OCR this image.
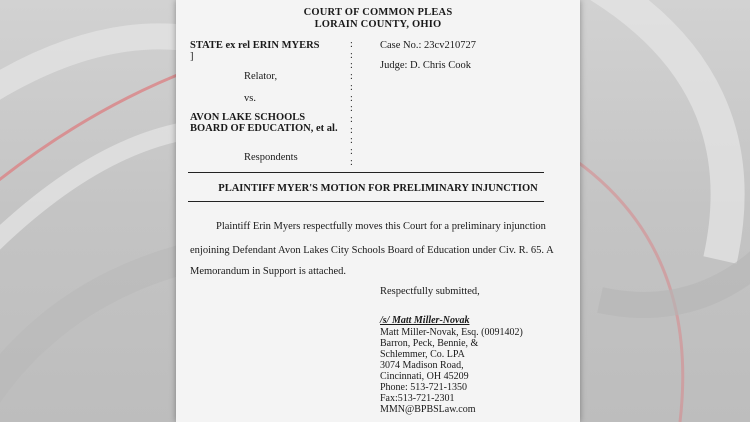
COURT OF COMMON PLEAS
LORAIN COUNTY, OHIO
STATE ex rel ERIN MYERS
]
Relator,
vs.
AVON LAKE SCHOOLS
BOARD OF EDUCATION, et al.
Respondents
:
:
:
:
:
:
:
:
:
:
:
:
Case No.: 23cv210727
Judge: D. Chris Cook
PLAINTIFF MYER'S MOTION FOR PRELIMINARY INJUNCTION
Plaintiff Erin Myers respectfully moves this Court for a preliminary injunction
enjoining Defendant Avon Lakes City Schools Board of Education under Civ. R. 65. A
Memorandum in Support is attached.
Respectfully submitted,
/s/ Matt Miller-Novak
Matt Miller-Novak, Esq. (0091402)
Barron, Peck, Bennie, &
Schlemmer, Co. LPA
3074 Madison Road,
Cincinnati, OH 45209
Phone: 513-721-1350
Fax:513-721-2301
MMN@BPBSLaw.com
